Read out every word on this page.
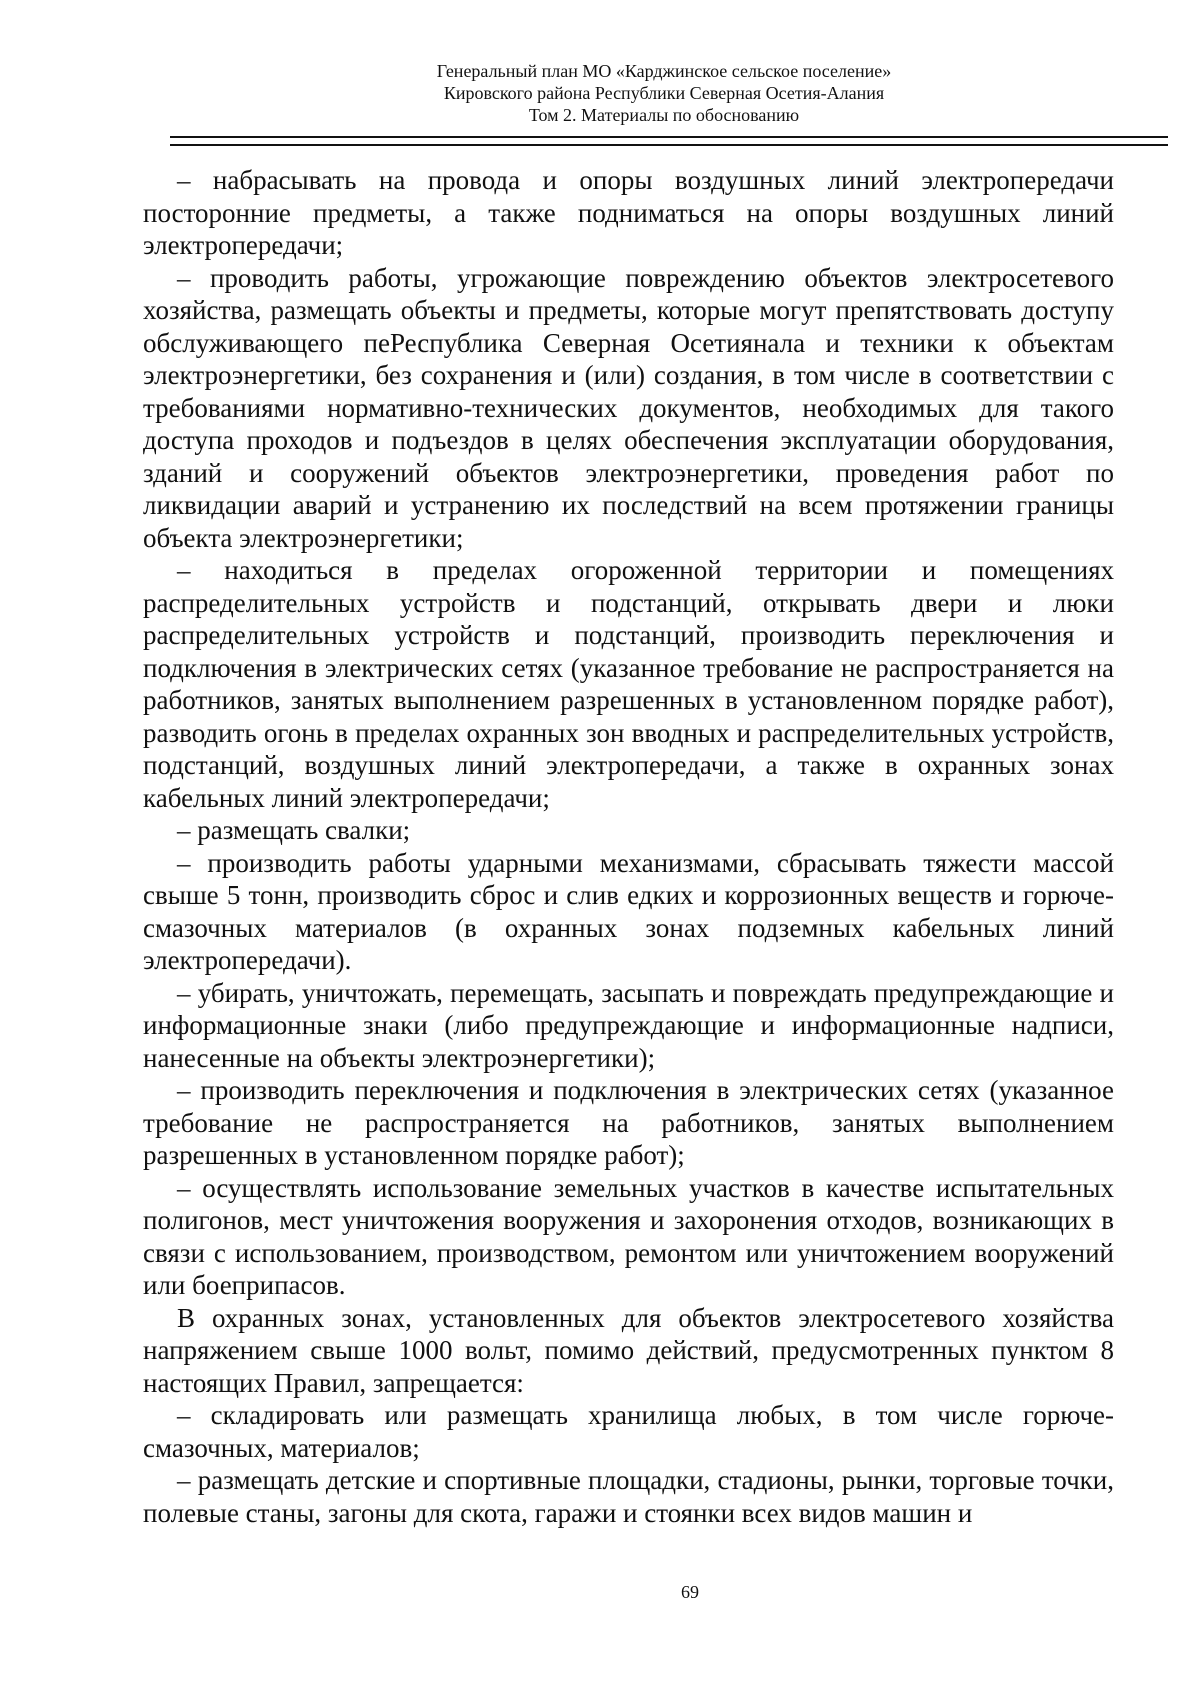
Генеральный план МО «Карджинское сельское поселение»
Кировского района Республики Северная Осетия-Алания
Том 2. Материалы по обоснованию

– набрасывать на провода и опоры воздушных линий электропередачи посторонние предметы, а также подниматься на опоры воздушных линий электропередачи;

– проводить работы, угрожающие повреждению объектов электросетевого хозяйства, размещать объекты и предметы, которые могут препятствовать доступу обслуживающего пеРеспублика Северная Осетиянала и техники к объектам электроэнергетики, без сохранения и (или) создания, в том числе в соответствии с требованиями нормативно-технических документов, необходимых для такого доступа проходов и подъездов в целях обеспечения эксплуатации оборудования, зданий и сооружений объектов электроэнергетики, проведения работ по ликвидации аварий и устранению их последствий на всем протяжении границы объекта электроэнергетики;

– находиться в пределах огороженной территории и помещениях распределительных устройств и подстанций, открывать двери и люки распределительных устройств и подстанций, производить переключения и подключения в электрических сетях (указанное требование не распространяется на работников, занятых выполнением разрешенных в установленном порядке работ), разводить огонь в пределах охранных зон вводных и распределительных устройств, подстанций, воздушных линий электропередачи, а также в охранных зонах кабельных линий электропередачи;

– размещать свалки;

– производить работы ударными механизмами, сбрасывать тяжести массой свыше 5 тонн, производить сброс и слив едких и коррозионных веществ и горюче-смазочных материалов (в охранных зонах подземных кабельных линий электропередачи).

– убирать, уничтожать, перемещать, засыпать и повреждать предупреждающие и информационные знаки (либо предупреждающие и информационные надписи, нанесенные на объекты электроэнергетики);

– производить переключения и подключения в электрических сетях (указанное требование не распространяется на работников, занятых выполнением разрешенных в установленном порядке работ);

– осуществлять использование земельных участков в качестве испытательных полигонов, мест уничтожения вооружения и захоронения отходов, возникающих в связи с использованием, производством, ремонтом или уничтожением вооружений или боеприпасов.

В охранных зонах, установленных для объектов электросетевого хозяйства напряжением свыше 1000 вольт, помимо действий, предусмотренных пунктом 8 настоящих Правил, запрещается:

– складировать или размещать хранилища любых, в том числе горюче-смазочных, материалов;

– размещать детские и спортивные площадки, стадионы, рынки, торговые точки, полевые станы, загоны для скота, гаражи и стоянки всех видов машин и

69
